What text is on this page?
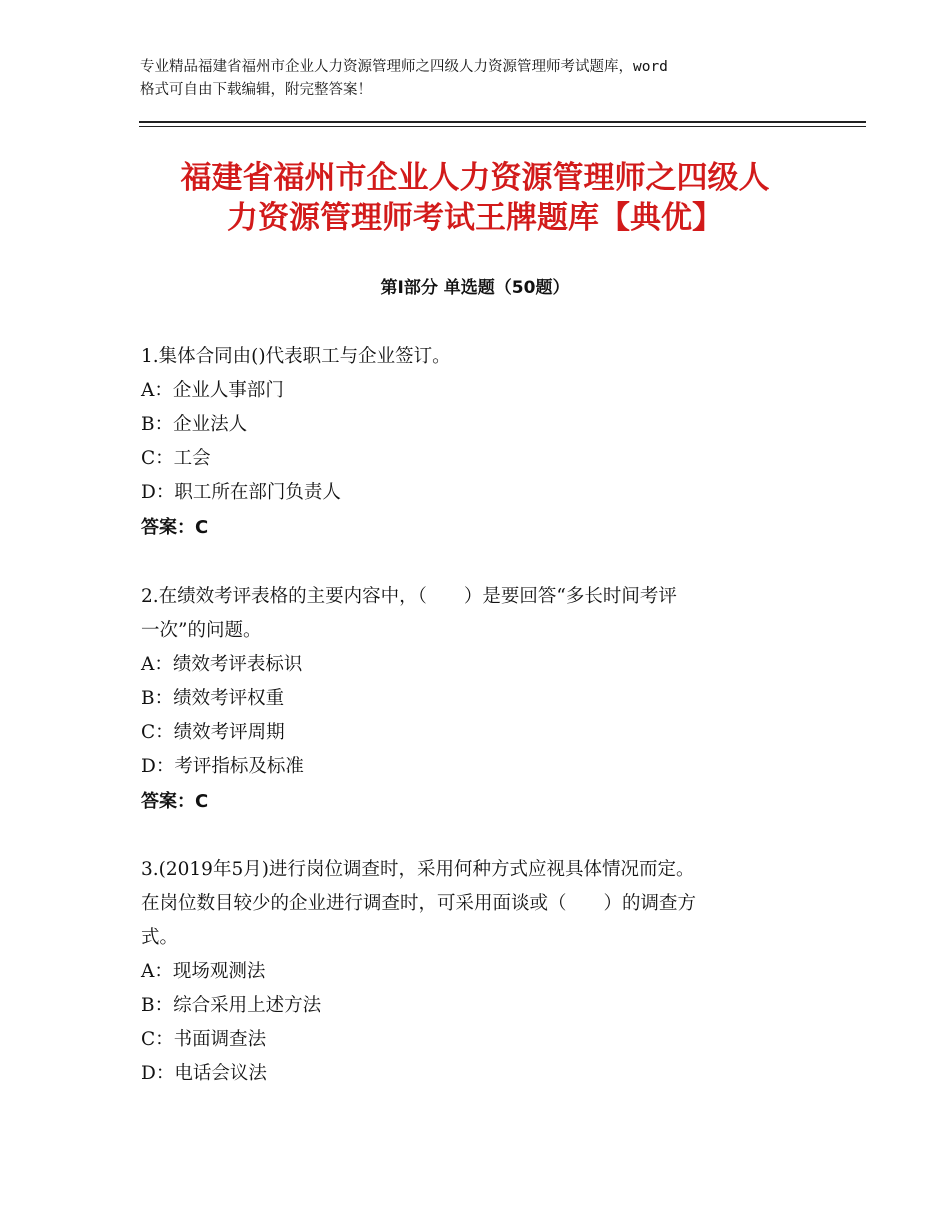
专业精品福建省福州市企业人力资源管理师之四级人力资源管理师考试题库，word
格式可自由下载编辑，附完整答案！
福建省福州市企业人力资源管理师之四级人
力资源管理师考试王牌题库【典优】
第Ⅰ部分 单选题（50题）
1.集体合同由()代表职工与企业签订。
A：企业人事部门
B：企业法人
C：工会
D：职工所在部门负责人
答案：C
2.在绩效考评表格的主要内容中，（　　）是要回答“多长时间考评
一次”的问题。
A：绩效考评表标识
B：绩效考评权重
C：绩效考评周期
D：考评指标及标准
答案：C
3.(2019年5月)进行岗位调查时，采用何种方式应视具体情况而定。
在岗位数目较少的企业进行调查时，可采用面谈或（　　）的调查方
式。
A：现场观测法
B：综合采用上述方法
C：书面调查法
D：电话会议法
